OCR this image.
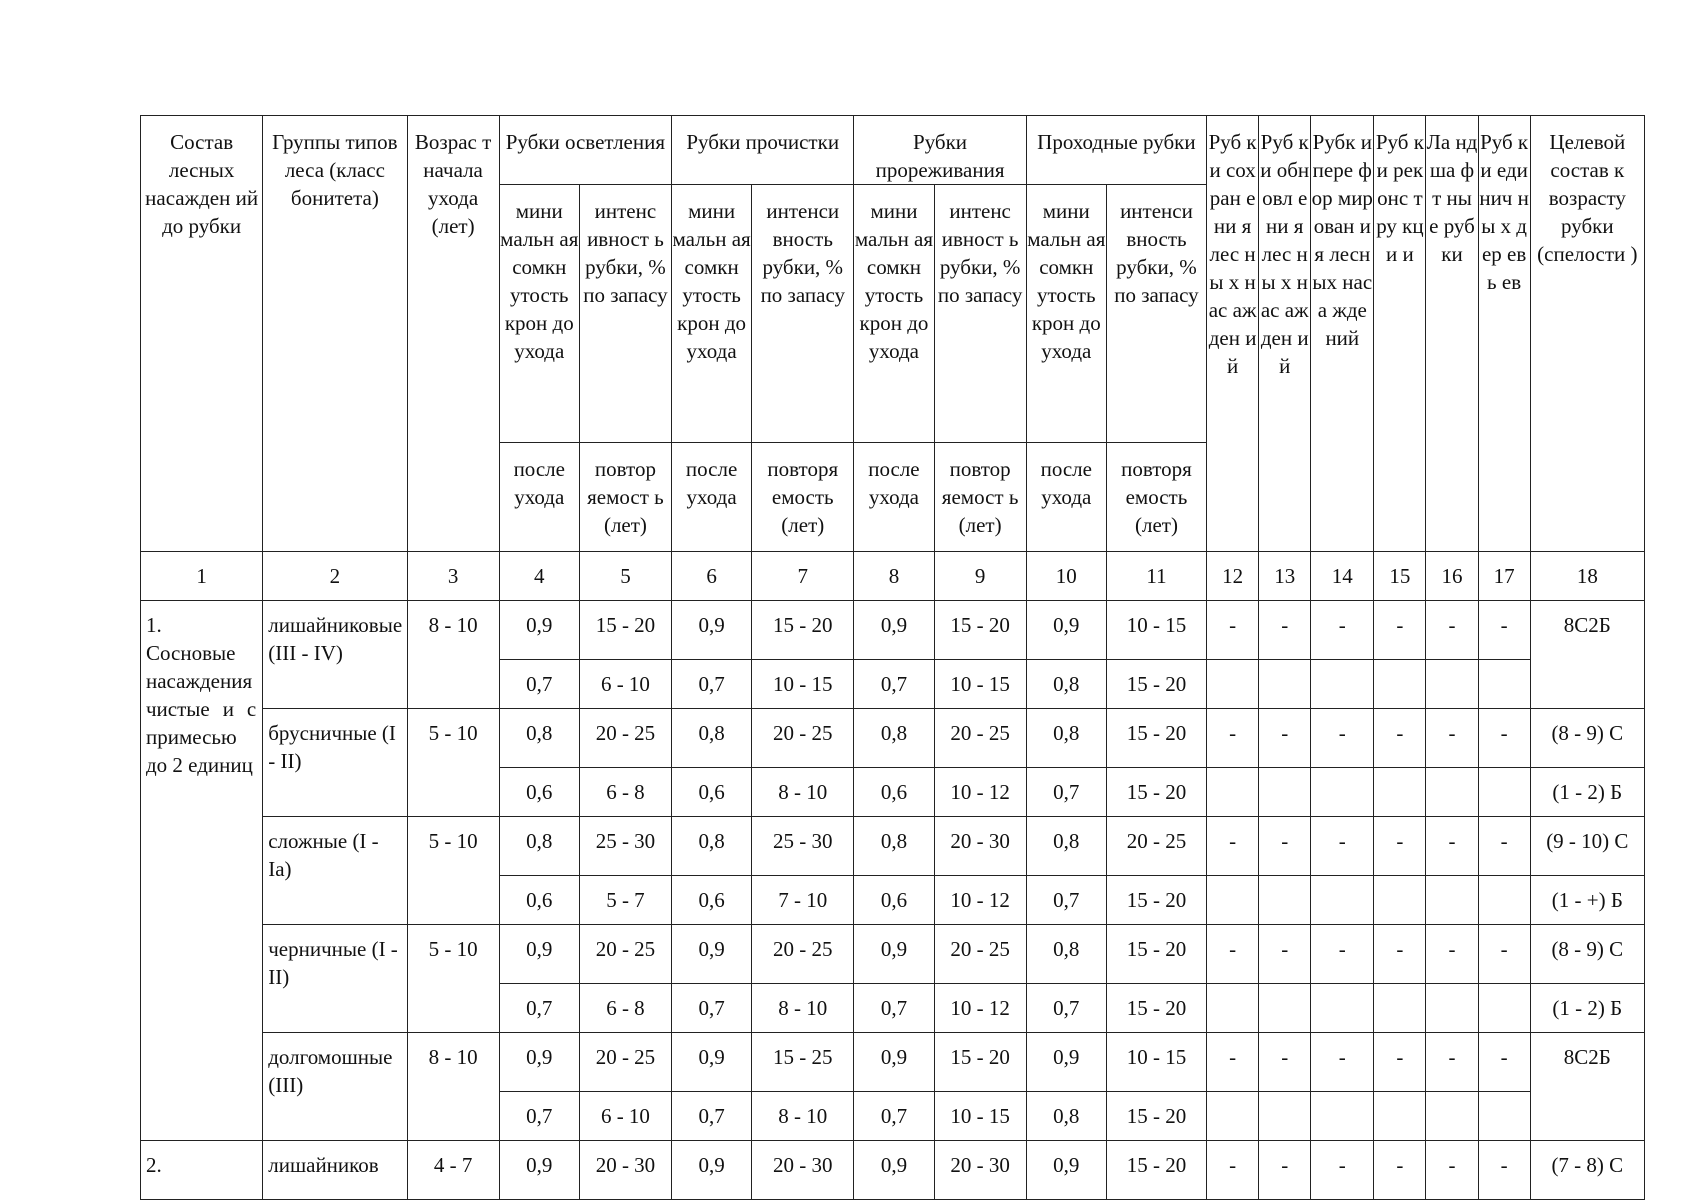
Состав лесных насажден ий до рубки	Группы типов леса (класс бонитета)	Возрас т начала ухода (лет)	Рубки осветления		Рубки прочистки		Рубки прореживания		Проходные рубки		Руб ки сох ран ени я лес ны х нас аж ден ий	Руб ки обн овл ени я лес ны х нас аж ден ий	Рубк и пере фор мир ован ия лесн ых наса жде ний	Руб ки рек онс тру кци и	Ла нд ша фт ны е руб ки	Руб ки еди нич ны х дер евь ев	Целевой состав к возрасту рубки (спелости )
			мини мальн ая сомкн утость крон до ухода	интенс ивност ь рубки, % по запасу	мини мальн ая сомкн утость крон до ухода	интенси вность рубки, % по запасу	мини мальн ая сомкн утость крон до ухода	интенс ивност ь рубки, % по запасу	мини мальн ая сомкн утость крон до ухода	интенси вность рубки, % по запасу							
			после ухода	повтор яемост ь (лет)	после ухода	повторя емость (лет)	после ухода	повтор яемост ь (лет)	после ухода	повторя емость (лет)							
1	2	3	4	5	6	7	8	9	10	11	12	13	14	15	16	17	18
1. Сосновые насаждения чистые и с примесью до 2 единиц	лишайниковые (III - IV)	8 - 10	0,9	15 - 20	0,9	15 - 20	0,9	15 - 20	0,9	10 - 15	-	-	-	-	-	-	8С2Б
			0,7	6 - 10	0,7	10 - 15	0,7	10 - 15	0,8	15 - 20							
	брусничные (I - II)	5 - 10	0,8	20 - 25	0,8	20 - 25	0,8	20 - 25	0,8	15 - 20	-	-	-	-	-	-	(8 - 9) С
			0,6	6 - 8	0,6	8 - 10	0,6	10 - 12	0,7	15 - 20							(1 - 2) Б
	сложные (I - Ia)	5 - 10	0,8	25 - 30	0,8	25 - 30	0,8	20 - 30	0,8	20 - 25	-	-	-	-	-	-	(9 - 10) С
			0,6	5 - 7	0,6	7 - 10	0,6	10 - 12	0,7	15 - 20							(1 - +) Б
	черничные (I - II)	5 - 10	0,9	20 - 25	0,9	20 - 25	0,9	20 - 25	0,8	15 - 20	-	-	-	-	-	-	(8 - 9) С
			0,7	6 - 8	0,7	8 - 10	0,7	10 - 12	0,7	15 - 20							(1 - 2) Б
	долгомошные (III)	8 - 10	0,9	20 - 25	0,9	15 - 25	0,9	15 - 20	0,9	10 - 15	-	-	-	-	-	-	8С2Б
			0,7	6 - 10	0,7	8 - 10	0,7	10 - 15	0,8	15 - 20							
2.	лишайников	4 - 7	0,9	20 - 30	0,9	20 - 30	0,9	20 - 30	0,9	15 - 20	-	-	-	-	-	-	(7 - 8) С
